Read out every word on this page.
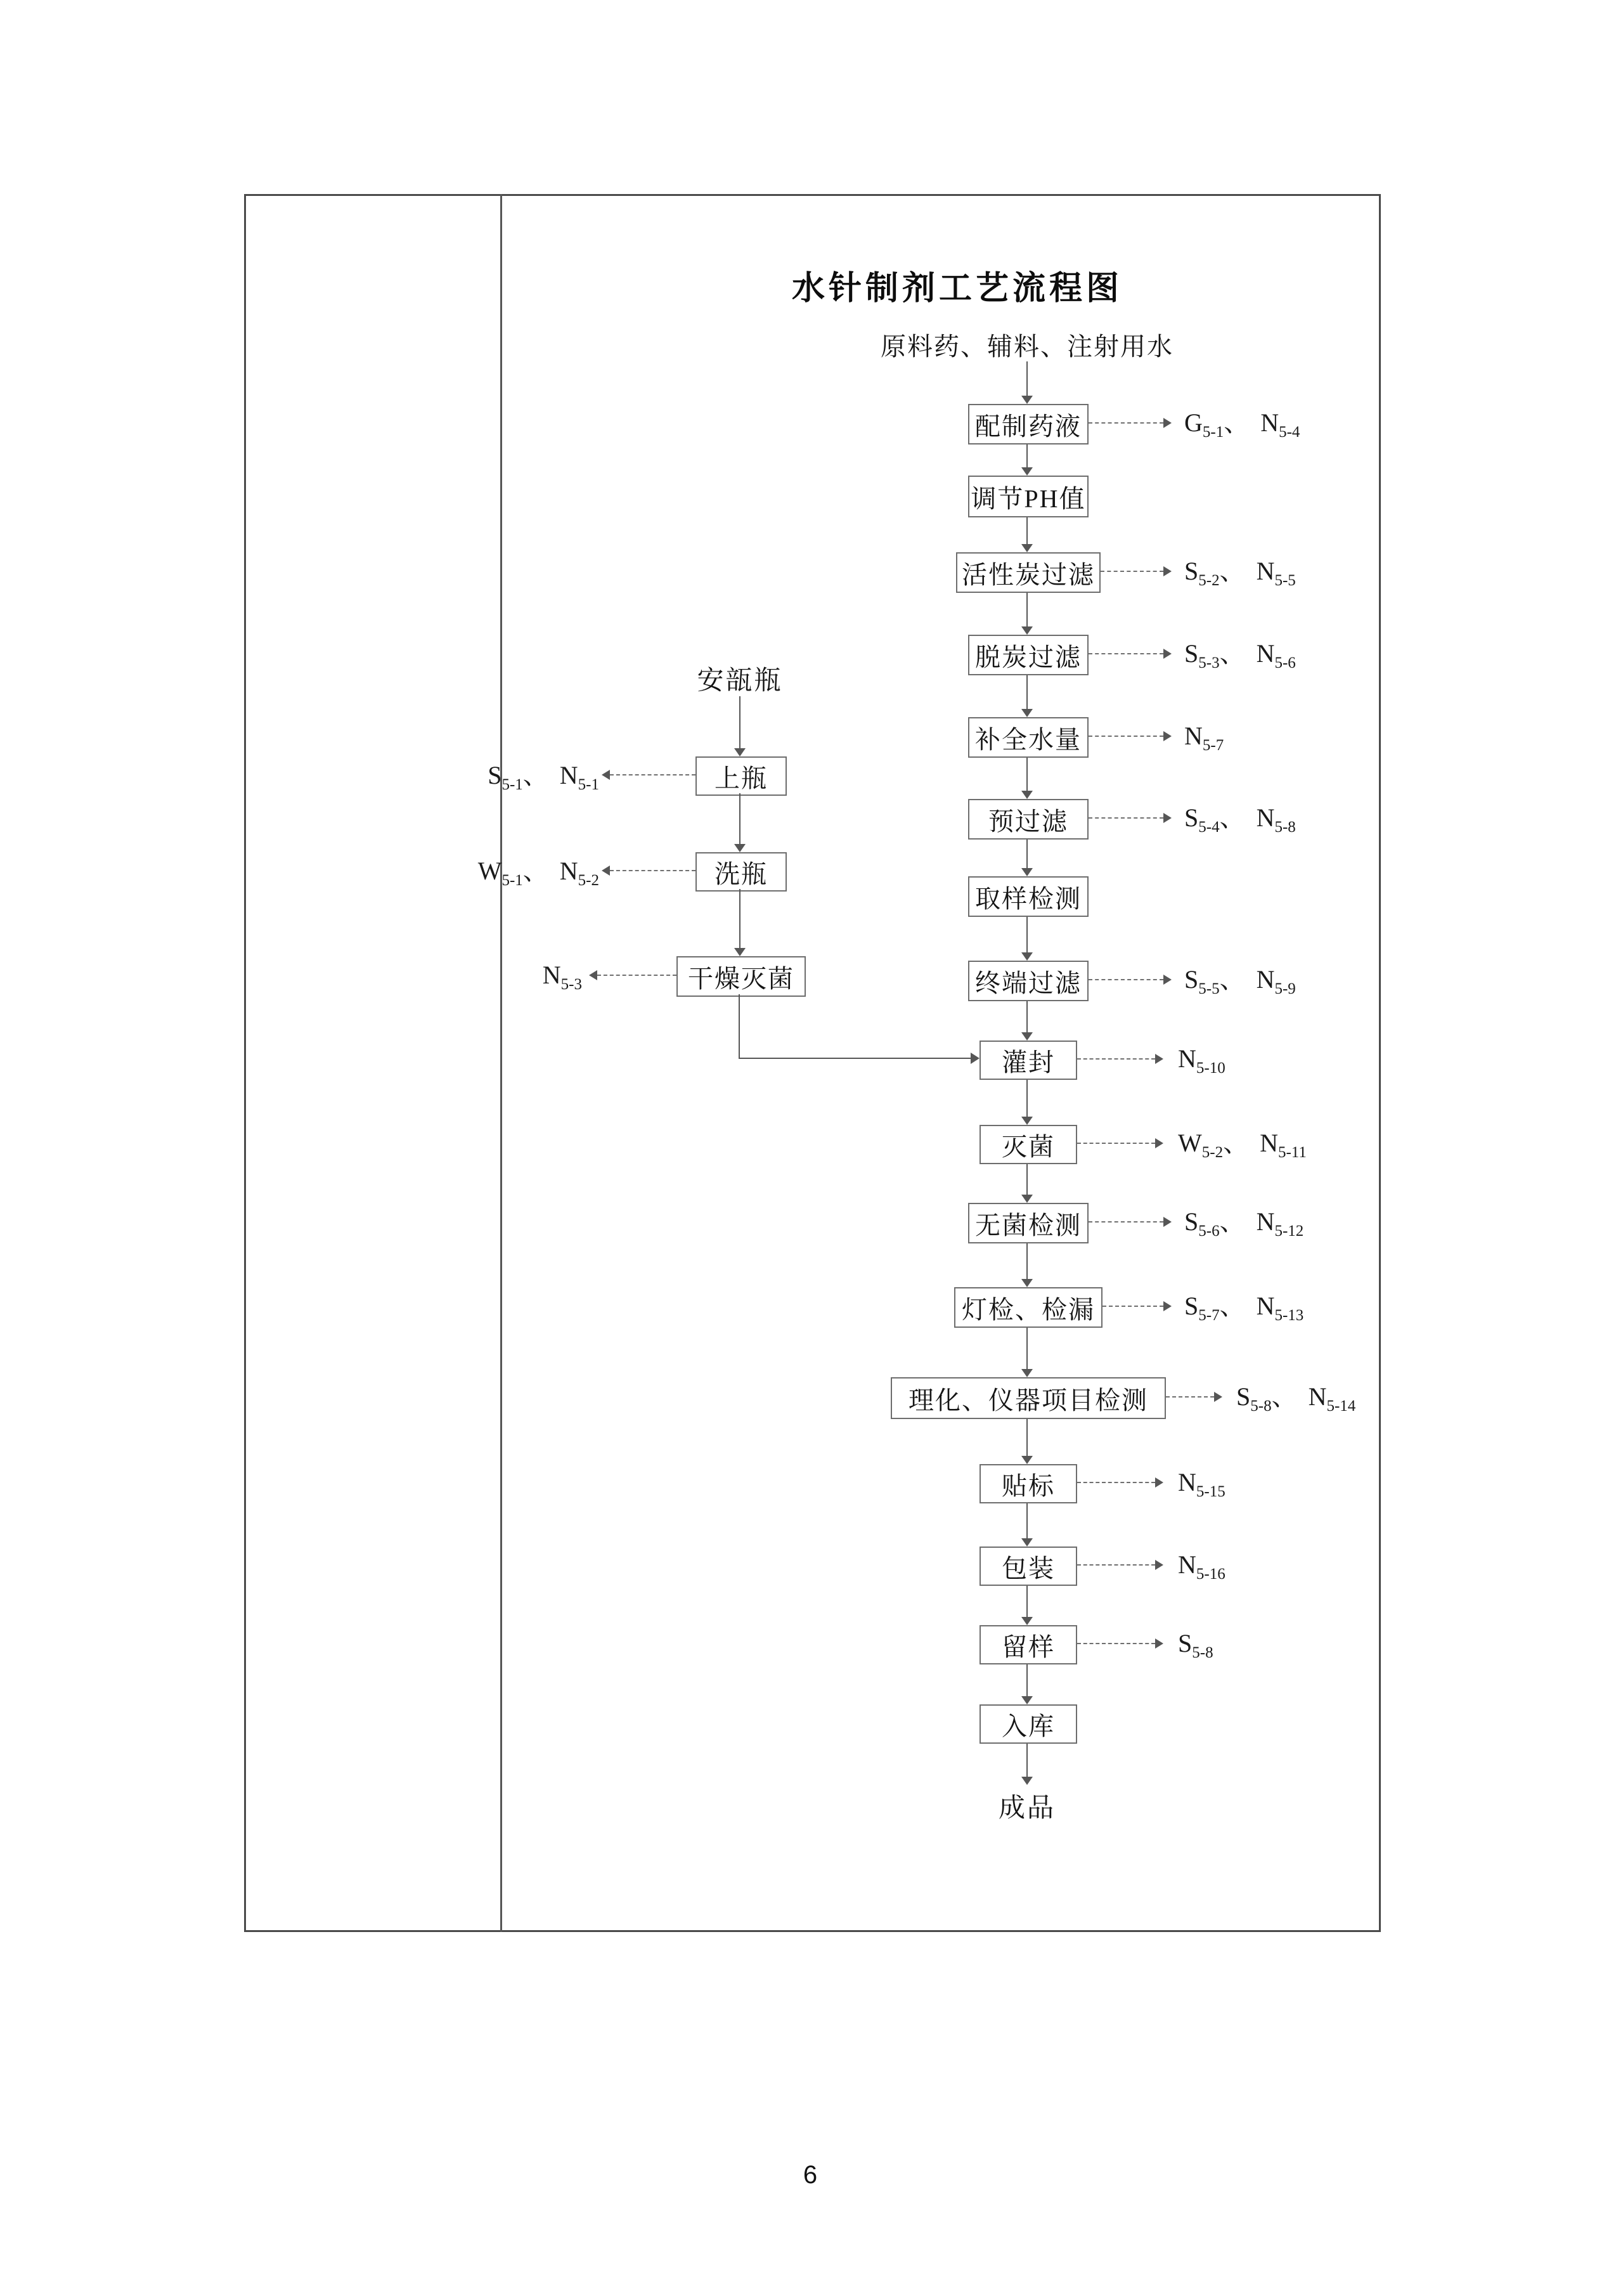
水针制剂工艺流程图
原料药、辅料、注射用水
配制药液
调节PH值
活性炭过滤
脱炭过滤
补全水量
预过滤
取样检测
终端过滤
灌封
灭菌
无菌检测
灯检、检漏
理化、仪器项目检测
贴标
包装
留样
入库
成品
安瓿瓶
上瓶
洗瓶
干燥灭菌
$G_{5-1}$、 $N_{5-4}$
$S_{5-2}$、 $N_{5-5}$
$S_{5-3}$、 $N_{5-6}$
$N_{5-7}$
$S_{5-4}$、 $N_{5-8}$
$S_{5-5}$、 $N_{5-9}$
$N_{5-10}$
$W_{5-2}$、 $N_{5-11}$
$S_{5-6}$、 $N_{5-12}$
$S_{5-7}$、 $N_{5-13}$
$S_{5-8}$、 $N_{5-14}$
$N_{5-15}$
$N_{5-16}$
$S_{5-8}$
$S_{5-1}$、 $N_{5-1}$
$W_{5-1}$、 $N_{5-2}$
$N_{5-3}$
6
